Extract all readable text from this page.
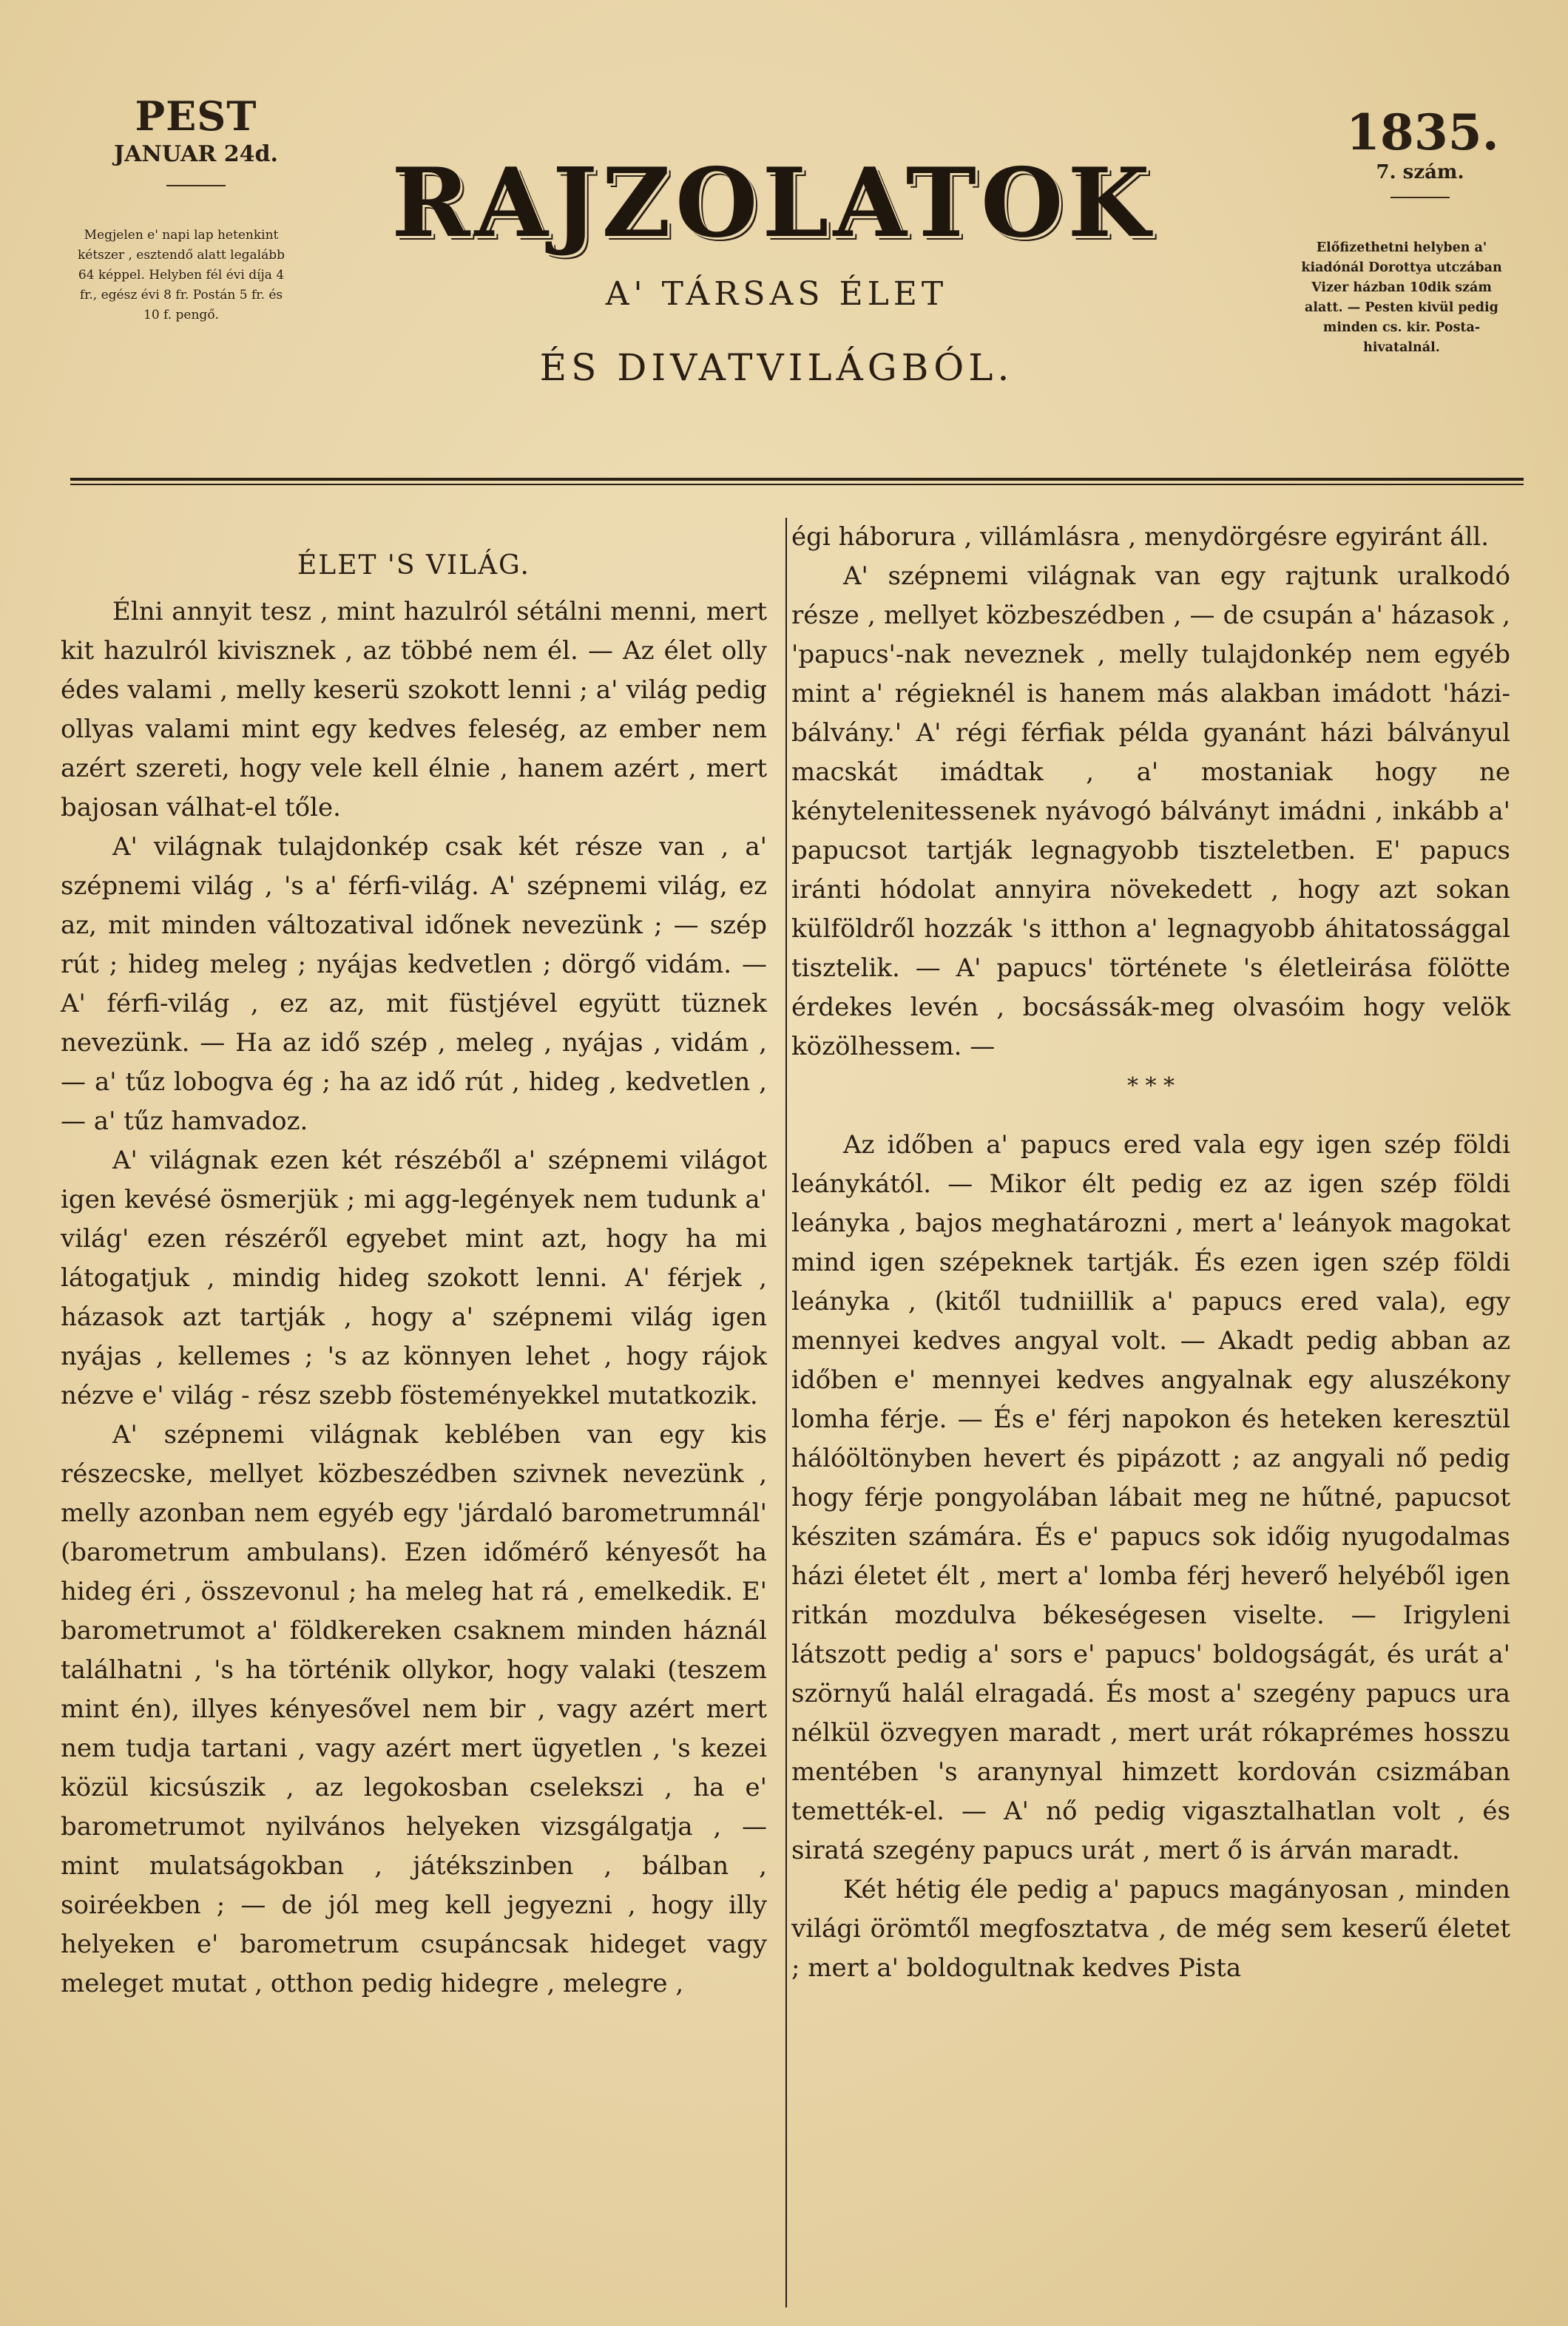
PEST
JANUAR 24d.
Megjelen e' napi lap hetenkint kétszer , esztendő alatt legalább 64 képpel. Helyben fél évi díja 4 fr., egész évi 8 fr. Postán 5 fr. és 10 f. pengő.
RAJZOLATOK
A' TÁRSAS ÉLET
ÉS DIVATVILÁGBÓL.
1835.
7. szám.
Előfizethetni helyben a' kiadónál Dorottya utczában Vizer házban 10dik szám alatt. — Pesten kivül pedig minden cs. kir. Posta-hivatalnál.
ÉLET 'S VILÁG.

Élni annyit tesz , mint hazulról sétálni menni, mert kit hazulról kivisznek , az többé nem él. — Az élet olly édes valami , melly keserü szokott lenni ; a' világ pedig ollyas valami mint egy kedves feleség, az ember nem azért szereti, hogy vele kell élnie , hanem azért , mert bajosan válhat-el tőle.

A' világnak tulajdonkép csak két része van , a' szépnemi világ , 's a' férfi-világ. A' szépnemi világ, ez az, mit minden változatival időnek nevezünk ; — szép rút ; hideg meleg ; nyájas kedvetlen ; dörgő vidám. — A' férfi-világ , ez az, mit füstjével együtt tüznek nevezünk. — Ha az idő szép , meleg , nyájas , vidám , — a' tűz lobogva ég ; ha az idő rút , hideg , kedvetlen , — a' tűz hamvadoz.

A' világnak ezen két részéből a' szépnemi világot igen kevésé ösmerjük ; mi agg-legények nem tudunk a' világ' ezen részéről egyebet mint azt, hogy ha mi látogatjuk , mindig hideg szokott lenni. A' férjek , házasok azt tartják , hogy a' szépnemi világ igen nyájas , kellemes ; 's az könnyen lehet , hogy rájok nézve e' világ - rész szebb fösteményekkel mutatkozik.

A' szépnemi világnak keblében van egy kis részecske, mellyet közbeszédben szivnek nevezünk , melly azonban nem egyéb egy 'járdaló barometrumnál' (barometrum ambulans). Ezen időmérő kényesőt ha hideg éri , összevonul ; ha meleg hat rá , emelkedik. E' barometrumot a' földkereken csaknem minden háznál találhatni , 's ha történik ollykor, hogy valaki (teszem mint én), illyes kényesővel nem bir , vagy azért mert nem tudja tartani , vagy azért mert ügyetlen , 's kezei közül kicsúszik , az legokosban cselekszi , ha e' barometrumot nyilvános helyeken vizsgálgatja , — mint mulatságokban , játékszinben , bálban , soiréekben ; — de jól meg kell jegyezni , hogy illy helyeken e' barometrum csupáncsak hideget vagy meleget mutat , otthon pedig hidegre , melegre ,

égi háborura , villámlásra , menydörgésre egyiránt áll.

A' szépnemi világnak van egy rajtunk uralkodó része , mellyet közbeszédben , — de csupán a' házasok , 'papucs'-nak neveznek , melly tulajdonkép nem egyéb mint a' régieknél is hanem más alakban imádott 'házi-bálvány.' A' régi férfiak példa gyanánt házi bálványul macskát imádtak , a' mostaniak hogy ne kénytelenitessenek nyávogó bálványt imádni , inkább a' papucsot tartják legnagyobb tiszteletben. E' papucs iránti hódolat annyira növekedett , hogy azt sokan külföldről hozzák 's itthon a' legnagyobb áhitatossággal tisztelik. — A' papucs' története 's életleirása fölötte érdekes levén , bocsássák-meg olvasóim hogy velök közölhessem. —

* * *

Az időben a' papucs ered vala egy igen szép földi leánykától. — Mikor élt pedig ez az igen szép földi leányka , bajos meghatározni , mert a' leányok magokat mind igen szépeknek tartják. És ezen igen szép földi leányka , (kitől tudniillik a' papucs ered vala), egy mennyei kedves angyal volt. — Akadt pedig abban az időben e' mennyei kedves angyalnak egy aluszékony lomha férje. — És e' férj napokon és heteken keresztül hálóöltönyben hevert és pipázott ; az angyali nő pedig hogy férje pongyolában lábait meg ne hűtné, papucsot késziten számára. És e' papucs sok időig nyugodalmas házi életet élt , mert a' lomba férj heverő helyéből igen ritkán mozdulva békeségesen viselte. — Irigyleni látszott pedig a' sors e' papucs' boldogságát, és urát a' szörnyű halál elragadá. És most a' szegény papucs ura nélkül özvegyen maradt , mert urát rókaprémes hosszu mentében 's aranynyal himzett kordován csizmában temették-el. — A' nő pedig vigasztalhatlan volt , és siratá szegény papucs urát , mert ő is árván maradt.

Két hétig éle pedig a' papucs magányosan , minden világi örömtől megfosztatva , de még sem keserű életet ; mert a' boldogultnak kedves Pista
